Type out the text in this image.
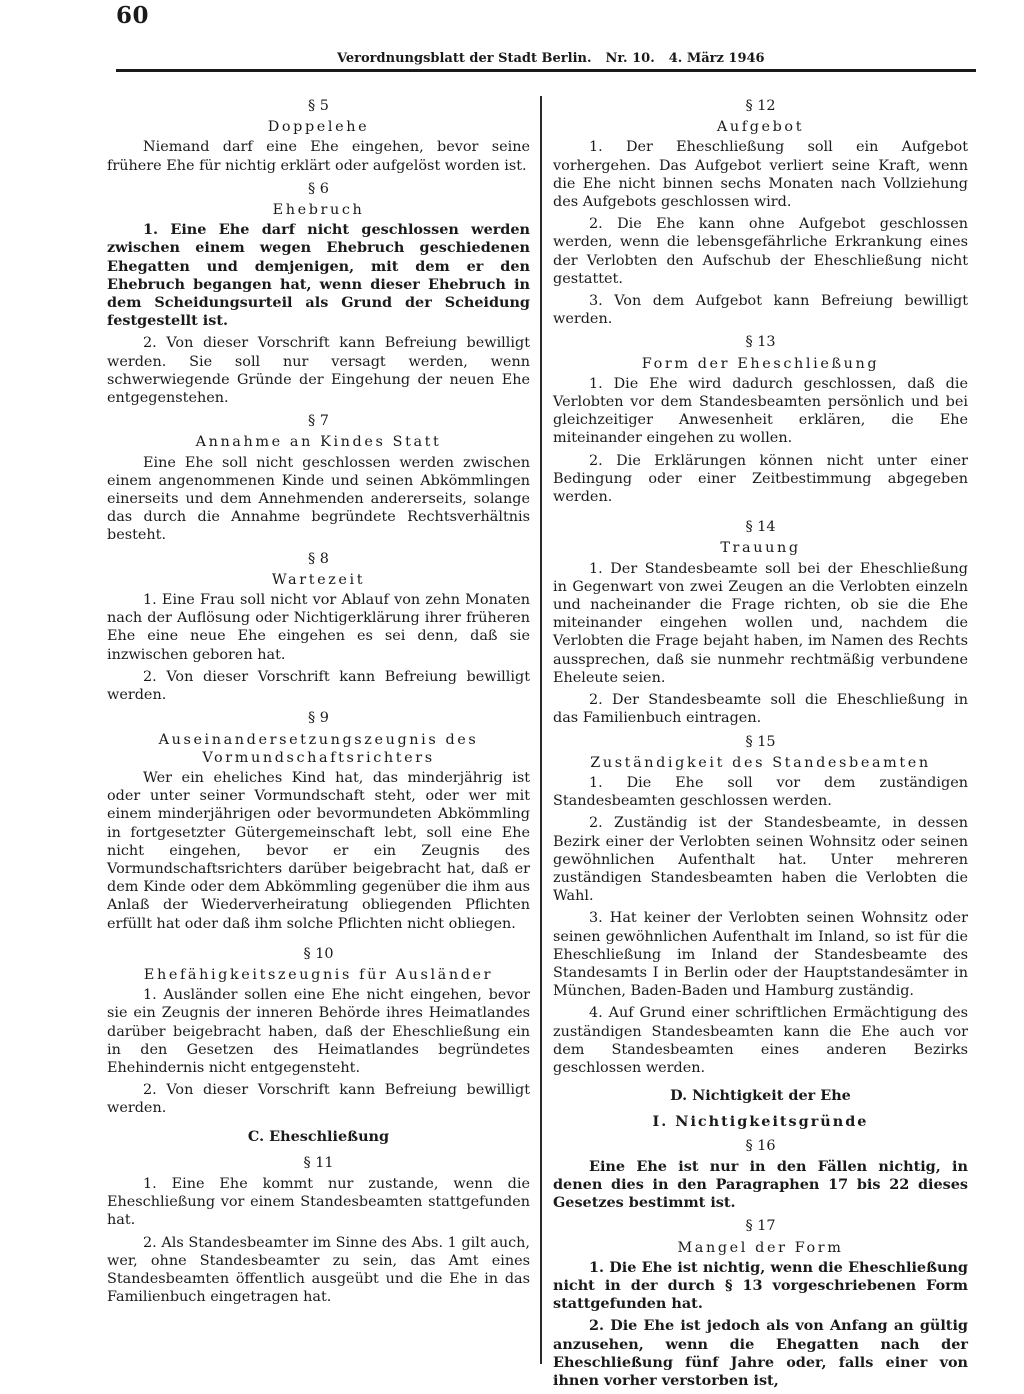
60
Verordnungsblatt der Stadt Berlin. Nr. 10. 4. März 1946
§ 5
Doppelehe

Niemand darf eine Ehe eingehen, bevor seine frühere Ehe für nichtig erklärt oder aufgelöst worden ist.

§ 6
Ehebruch

1. Eine Ehe darf nicht geschlossen werden zwischen einem wegen Ehebruch geschiedenen Ehegatten und demjenigen, mit dem er den Ehebruch begangen hat, wenn dieser Ehebruch in dem Scheidungsurteil als Grund der Scheidung festgestellt ist.

2. Von dieser Vorschrift kann Befreiung bewilligt werden. Sie soll nur versagt werden, wenn schwerwiegende Gründe der Eingehung der neuen Ehe entgegenstehen.

§ 7
Annahme an Kindes Statt

Eine Ehe soll nicht geschlossen werden zwischen einem angenommenen Kinde und seinen Abkömmlingen einerseits und dem Annehmenden andererseits, solange das durch die Annahme begründete Rechtsverhältnis besteht.

§ 8
Wartezeit

1. Eine Frau soll nicht vor Ablauf von zehn Monaten nach der Auflösung oder Nichtigerklärung ihrer früheren Ehe eine neue Ehe eingehen es sei denn, daß sie inzwischen geboren hat.

2. Von dieser Vorschrift kann Befreiung bewilligt werden.

§ 9
Auseinandersetzungszeugnis des Vormundschaftsrichters

Wer ein eheliches Kind hat, das minderjährig ist oder unter seiner Vormundschaft steht, oder wer mit einem minderjährigen oder bevormundeten Abkömmling in fortgesetzter Gütergemeinschaft lebt, soll eine Ehe nicht eingehen, bevor er ein Zeugnis des Vormundschaftsrichters darüber beigebracht hat, daß er dem Kinde oder dem Abkömmling gegenüber die ihm aus Anlaß der Wiederverheiratung obliegenden Pflichten erfüllt hat oder daß ihm solche Pflichten nicht obliegen.

§ 10
Ehefähigkeitszeugnis für Ausländer

1. Ausländer sollen eine Ehe nicht eingehen, bevor sie ein Zeugnis der inneren Behörde ihres Heimatlandes darüber beigebracht haben, daß der Eheschließung ein in den Gesetzen des Heimatlandes begründetes Ehehindernis nicht entgegensteht.

2. Von dieser Vorschrift kann Befreiung bewilligt werden.

C. Eheschließung
§ 11

1. Eine Ehe kommt nur zustande, wenn die Eheschließung vor einem Standesbeamten stattgefunden hat.

2. Als Standesbeamter im Sinne des Abs. 1 gilt auch, wer, ohne Standesbeamter zu sein, das Amt eines Standesbeamten öffentlich ausgeübt und die Ehe in das Familienbuch eingetragen hat.

§ 12
Aufgebot

1. Der Eheschließung soll ein Aufgebot vorhergehen. Das Aufgebot verliert seine Kraft, wenn die Ehe nicht binnen sechs Monaten nach Vollziehung des Aufgebots geschlossen wird.

2. Die Ehe kann ohne Aufgebot geschlossen werden, wenn die lebensgefährliche Erkrankung eines der Verlobten den Aufschub der Eheschließung nicht gestattet.

3. Von dem Aufgebot kann Befreiung bewilligt werden.

§ 13
Form der Eheschließung

1. Die Ehe wird dadurch geschlossen, daß die Verlobten vor dem Standesbeamten persönlich und bei gleichzeitiger Anwesenheit erklären, die Ehe miteinander eingehen zu wollen.

2. Die Erklärungen können nicht unter einer Bedingung oder einer Zeitbestimmung abgegeben werden.

§ 14
Trauung

1. Der Standesbeamte soll bei der Eheschließung in Gegenwart von zwei Zeugen an die Verlobten einzeln und nacheinander die Frage richten, ob sie die Ehe miteinander eingehen wollen und, nachdem die Verlobten die Frage bejaht haben, im Namen des Rechts aussprechen, daß sie nunmehr rechtmäßig verbundene Eheleute seien.

2. Der Standesbeamte soll die Eheschließung in das Familienbuch eintragen.

§ 15
Zuständigkeit des Standesbeamten

1. Die Ehe soll vor dem zuständigen Standesbeamten geschlossen werden.

2. Zuständig ist der Standesbeamte, in dessen Bezirk einer der Verlobten seinen Wohnsitz oder seinen gewöhnlichen Aufenthalt hat. Unter mehreren zuständigen Standesbeamten haben die Verlobten die Wahl.

3. Hat keiner der Verlobten seinen Wohnsitz oder seinen gewöhnlichen Aufenthalt im Inland, so ist für die Eheschließung im Inland der Standesbeamte des Standesamts I in Berlin oder der Hauptstandesämter in München, Baden-Baden und Hamburg zuständig.

4. Auf Grund einer schriftlichen Ermächtigung des zuständigen Standesbeamten kann die Ehe auch vor dem Standesbeamten eines anderen Bezirks geschlossen werden.

D. Nichtigkeit der Ehe
I. Nichtigkeitsgründe
§ 16

Eine Ehe ist nur in den Fällen nichtig, in denen dies in den Paragraphen 17 bis 22 dieses Gesetzes bestimmt ist.

§ 17
Mangel der Form

1. Die Ehe ist nichtig, wenn die Eheschließung nicht in der durch § 13 vorgeschriebenen Form stattgefunden hat.

2. Die Ehe ist jedoch als von Anfang an gültig anzusehen, wenn die Ehegatten nach der Eheschließung fünf Jahre oder, falls einer von ihnen vorher verstorben ist,
